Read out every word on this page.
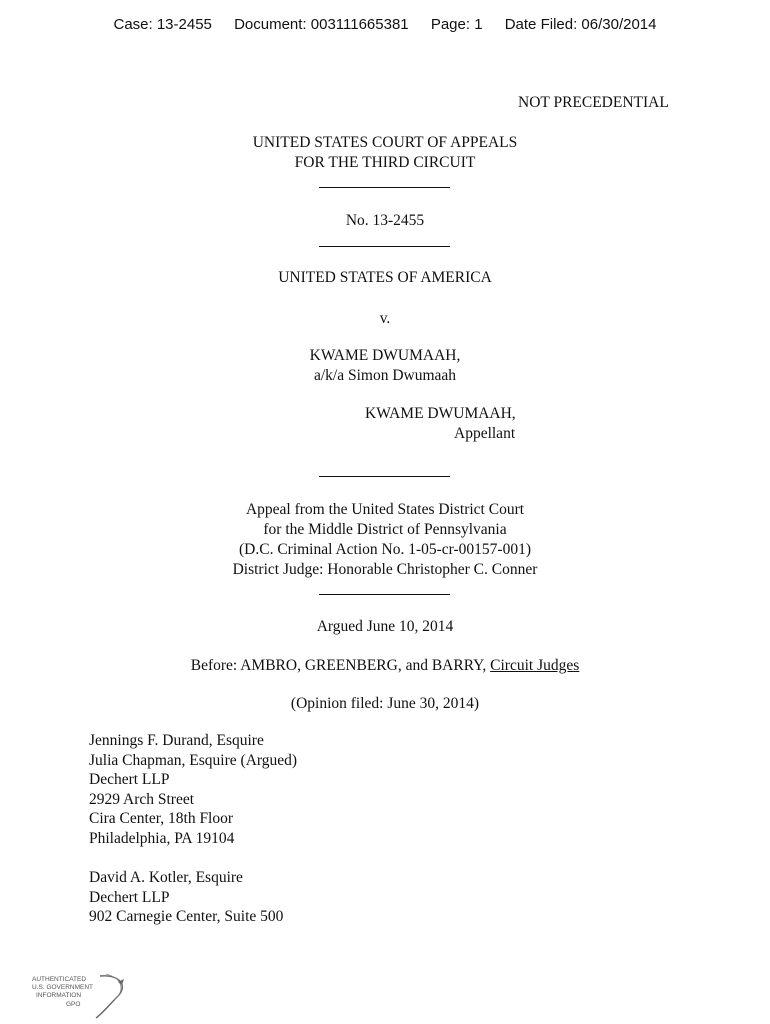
Case: 13-2455 Document: 003111665381 Page: 1 Date Filed: 06/30/2014
NOT PRECEDENTIAL
UNITED STATES COURT OF APPEALS
FOR THE THIRD CIRCUIT
No. 13-2455
UNITED STATES OF AMERICA
v.
KWAME DWUMAAH,
a/k/a Simon Dwumaah
KWAME DWUMAAH,
Appellant
Appeal from the United States District Court
for the Middle District of Pennsylvania
(D.C. Criminal Action No. 1-05-cr-00157-001)
District Judge: Honorable Christopher C. Conner
Argued June 10, 2014
Before: AMBRO, GREENBERG, and BARRY, Circuit Judges
(Opinion filed: June 30, 2014)
Jennings F. Durand, Esquire
Julia Chapman, Esquire (Argued)
Dechert LLP
2929 Arch Street
Cira Center, 18th Floor
Philadelphia, PA 19104
David A. Kotler, Esquire
Dechert LLP
902 Carnegie Center, Suite 500
AUTHENTICATED
U.S. GOVERNMENT
INFORMATION
GPO
